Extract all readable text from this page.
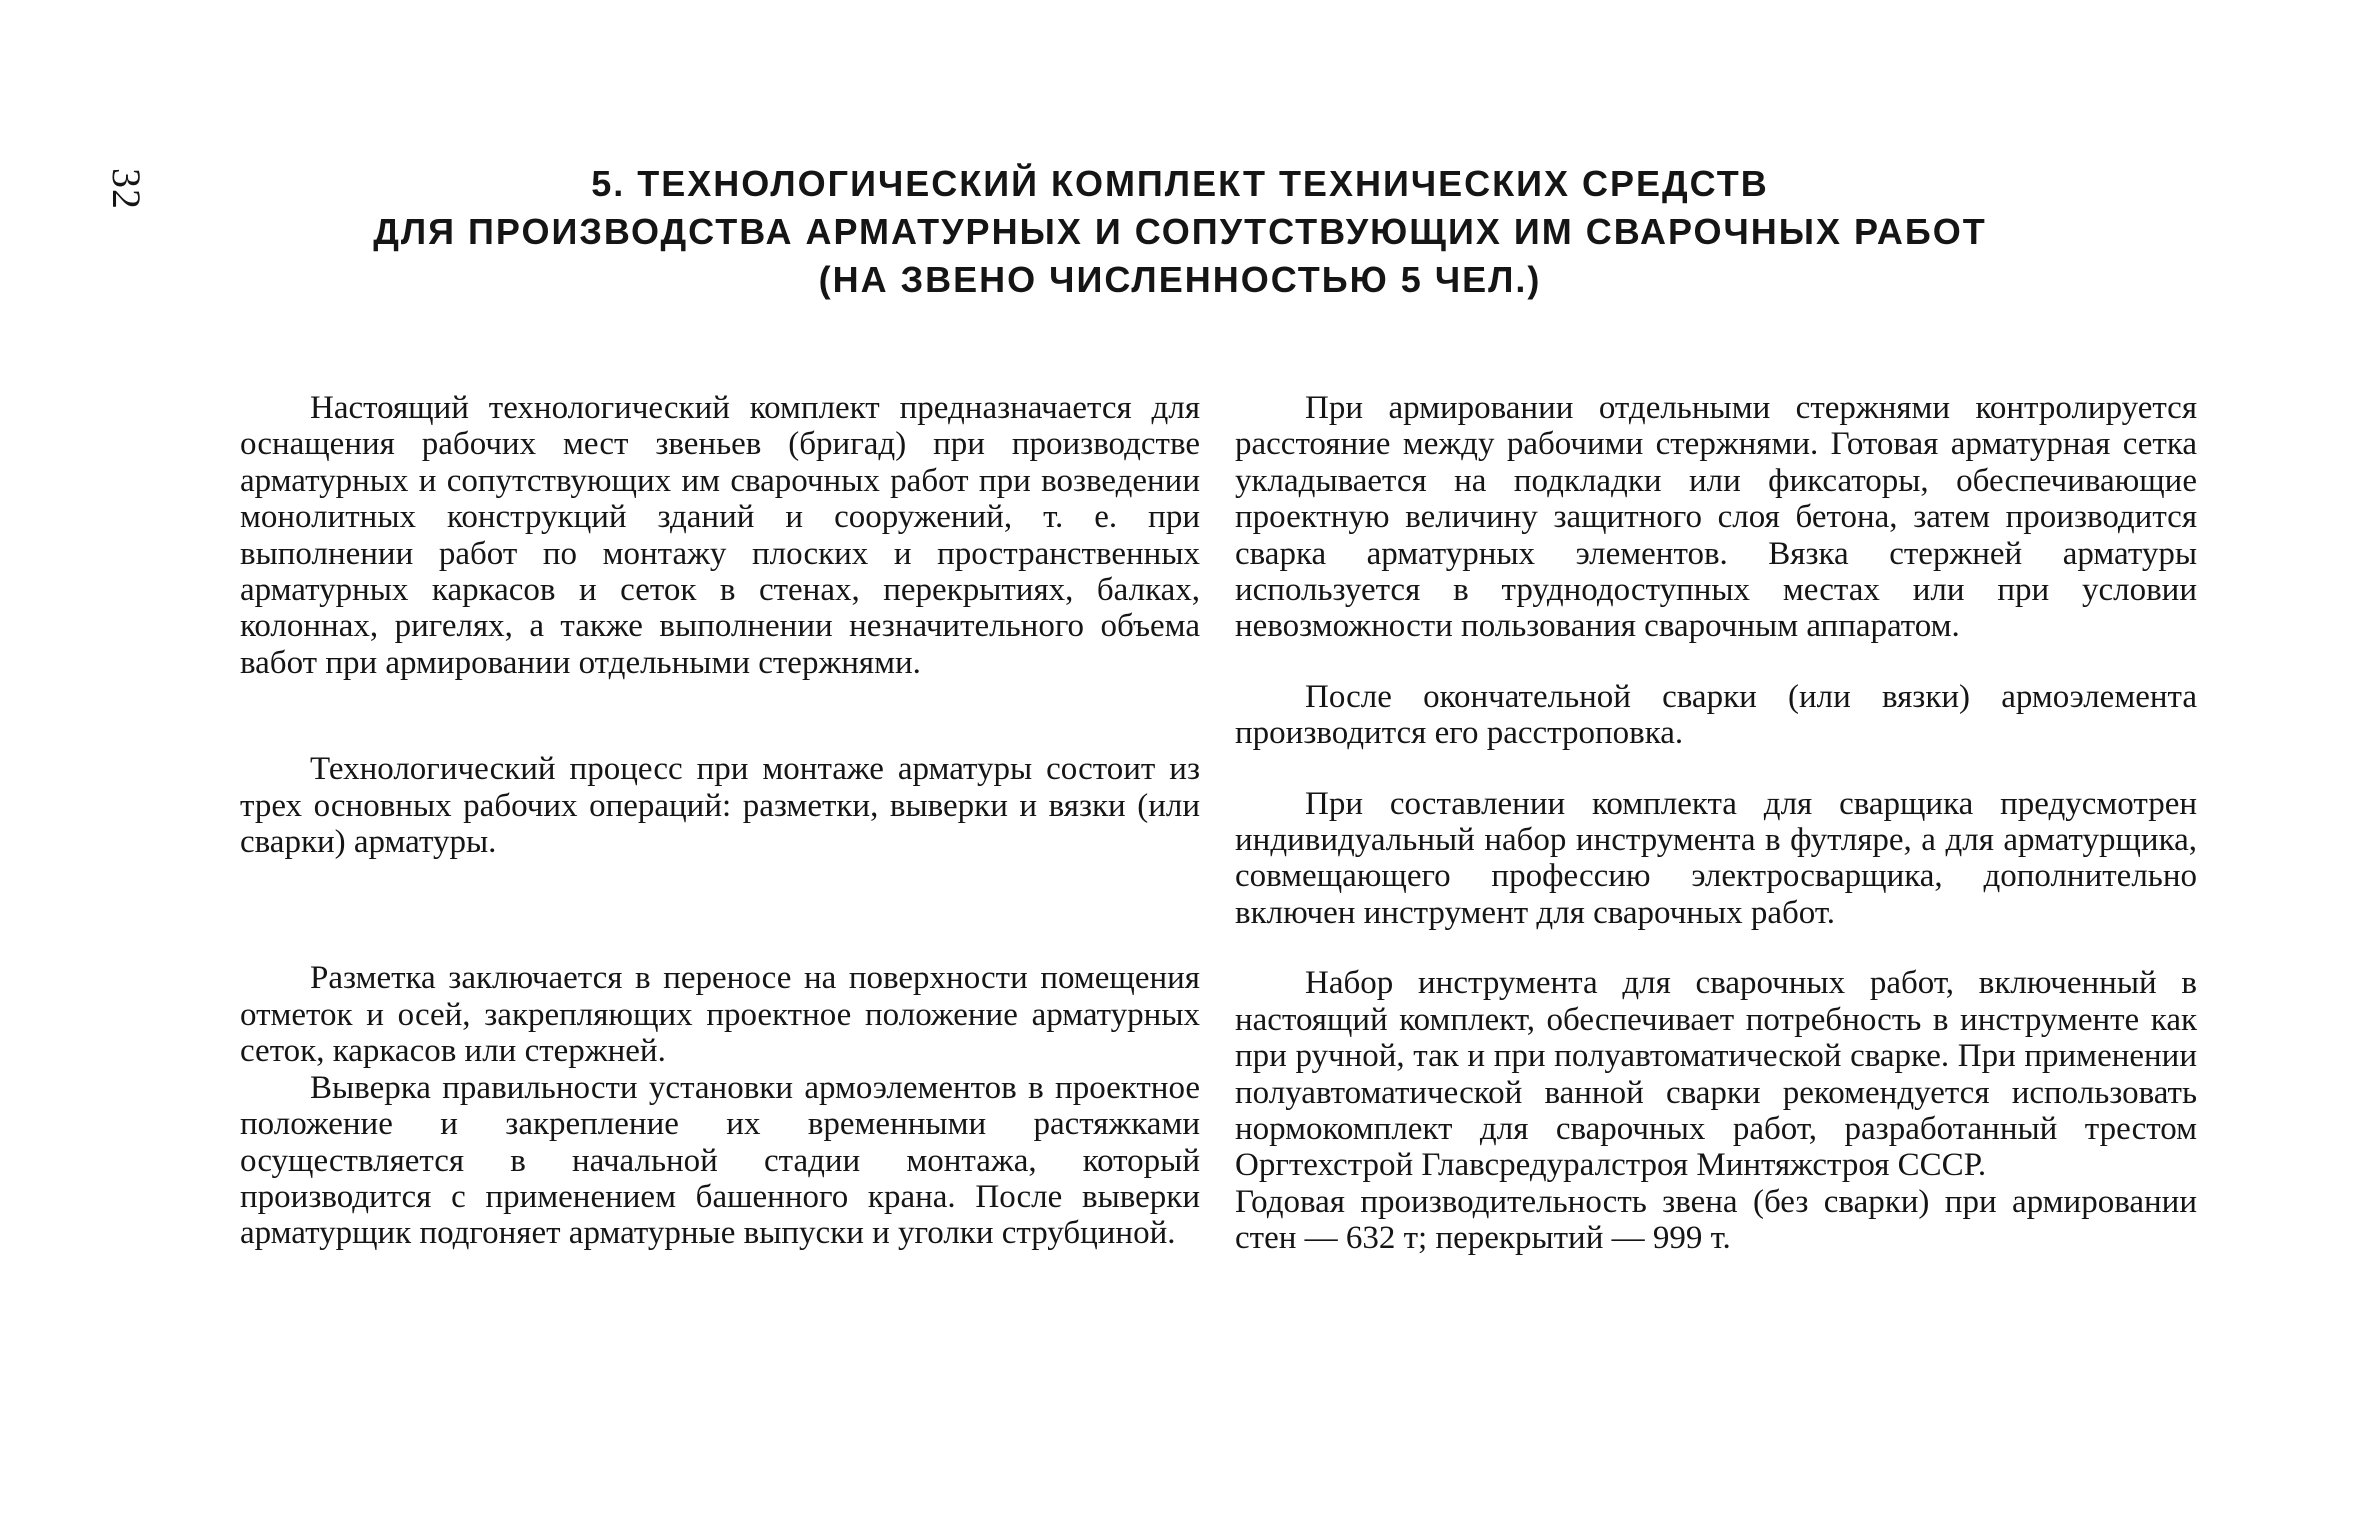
32	5. ТЕХНОЛОГИЧЕСКИЙ КОМПЛЕКТ ТЕХНИЧЕСКИХ СРЕДСТВ
ДЛЯ ПРОИЗВОДСТВА АРМАТУРНЫХ И СОПУТСТВУЮЩИХ ИМ СВАРОЧНЫХ РАБОТ
(НА ЗВЕНО ЧИСЛЕННОСТЬЮ 5 ЧЕЛ.)

Настоящий технологический комплект предназначается для оснащения рабочих мест звеньев (бригад) при производстве арматурных и сопутствующих им сварочных работ при возведении монолитных конструкций зданий и сооружений, т. е. при выполнении работ по монтажу плоских и пространственных арматурных каркасов и сеток в стенах, перекрытиях, балках, колоннах, ригелях, а также выполнении незначительного объема вабот при армировании отдельными стержнями.

Технологический процесс при монтаже арматуры состоит из трех основных рабочих операций: разметки, выверки и вязки (или сварки) арматуры.

Разметка заключается в переносе на поверхности помещения отметок и осей, закрепляющих проектное положение арматурных сеток, каркасов или стержней.

Выверка правильности установки армоэлементов в проектное положение и закрепление их временными растяжками осуществляется в начальной стадии монтажа, который производится с применением башенного крана. После выверки арматурщик подгоняет арматурные выпуски и уголки струбциной.

При армировании отдельными стержнями контролируется расстояние между рабочими стержнями. Готовая арматурная сетка укладывается на подкладки или фиксаторы, обеспечивающие проектную величину защитного слоя бетона, затем производится сварка арматурных элементов. Вязка стержней арматуры используется в труднодоступных местах или при условии невозможности пользования сварочным аппаратом.

После окончательной сварки (или вязки) армоэлемента производится его расстроповка.

При составлении комплекта для сварщика предусмотрен индивидуальный набор инструмента в футляре, а для арматурщика, совмещающего профессию электросварщика, дополнительно включен инструмент для сварочных работ.

Набор инструмента для сварочных работ, включенный в настоящий комплект, обеспечивает потребность в инструменте как при ручной, так и при полуавтоматической сварке. При применении полуавтоматической ванной сварки рекомендуется использовать нормокомплект для сварочных работ, разработанный трестом Оргтехстрой Главсредуралстроя Минтяжстроя СССР.

Годовая производительность звена (без сварки) при армировании стен — 632 т; перекрытий — 999 т.
